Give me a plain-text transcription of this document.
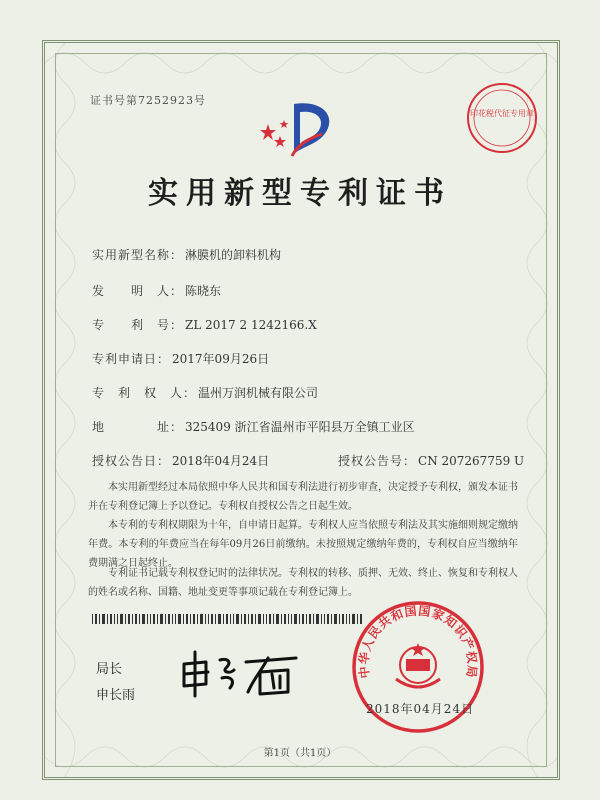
证书号第7252923号
印花税代征专用章
实用新型专利证书
实用新型名称： 淋膜机的卸料机构
发　　明　人： 陈晓东
专　　利　号： ZL 2017 2 1242166.X
专利申请日： 2017年09月26日
专　利　权　人： 温州万润机械有限公司
地　　　　址： 325409 浙江省温州市平阳县万全镇工业区
授权公告日： 2018年04月24日	授权公告号： CN 207267759 U
本实用新型经过本局依照中华人民共和国专利法进行初步审查，决定授予专利权，颁发本证书并在专利登记簿上予以登记。专利权自授权公告之日起生效。
本专利的专利权期限为十年，自申请日起算。专利权人应当依照专利法及其实施细则规定缴纳年费。本专利的年费应当在每年09月26日前缴纳。未按照规定缴纳年费的，专利权自应当缴纳年费期满之日起终止。
专利证书记载专利权登记时的法律状况。专利权的转移、质押、无效、终止、恢复和专利权人的姓名或名称、国籍、地址变更等事项记载在专利登记簿上。
局长
申长雨
中华人民共和国国家知识产权局
2018年04月24日
第1页（共1页）
